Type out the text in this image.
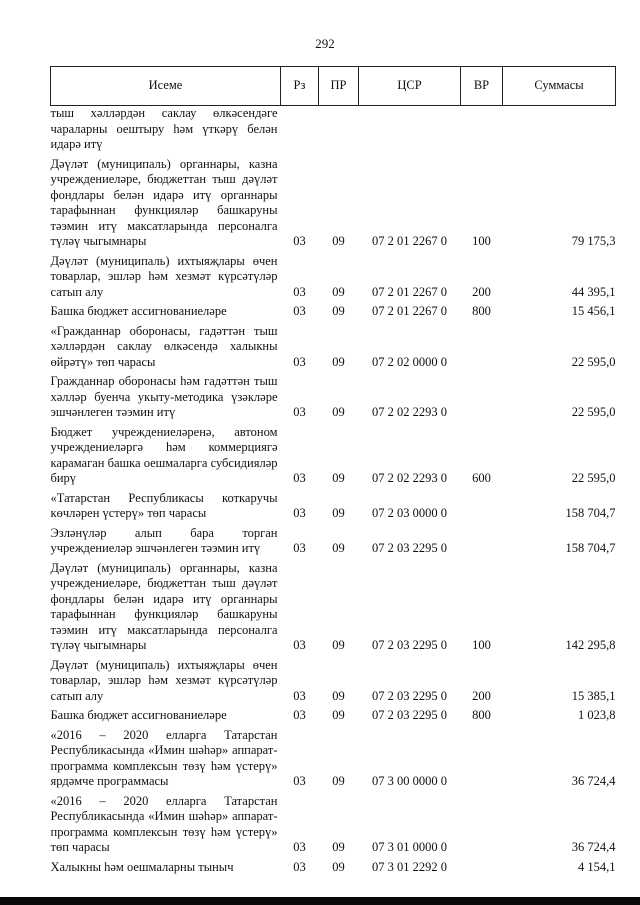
292
Исеме	Рз	ПР	ЦСР	ВР	Суммасы
тыш хәлләрдән саклау өлкәсендәге чараларны оештыру һәм үткәрү белән идарә итү					
Дәүләт (муниципаль) органнары, казна учреждениеләре, бюджеттан тыш дәүләт фондлары белән идарә итү органнары тарафыннан функцияләр башкаруны тәэмин итү максатларында персоналга түләү чыгымнары	03	09	07 2 01 2267 0	100	79 175,3
Дәүләт (муниципаль) ихтыяҗлары өчен товарлар, эшләр һәм хезмәт күрсәтүләр сатып алу	03	09	07 2 01 2267 0	200	44 395,1
Башка бюджет ассигнованиеләре	03	09	07 2 01 2267 0	800	15 456,1
«Гражданнар оборонасы, гадәттән тыш хәлләрдән саклау өлкәсендә халыкны өйрәтү» төп чарасы	03	09	07 2 02 0000 0		22 595,0
Гражданнар оборонасы һәм гадәттән тыш хәлләр буенча укыту-методика үзәкләре эшчәнлеген тәэмин итү	03	09	07 2 02 2293 0		22 595,0
Бюджет учреждениеләренә, автоном учреждениеләргә һәм коммерциягә карамаган башка оешмаларга субсидияләр бирү	03	09	07 2 02 2293 0	600	22 595,0
«Татарстан Республикасы коткаручы көчләрен үстерү» төп чарасы	03	09	07 2 03 0000 0		158 704,7
Эзләнүләр алып бара торган учреждениеләр эшчәнлеген тәэмин итү	03	09	07 2 03 2295 0		158 704,7
Дәүләт (муниципаль) органнары, казна учреждениеләре, бюджеттан тыш дәүләт фондлары белән идарә итү органнары тарафыннан функцияләр башкаруны тәэмин итү максатларында персоналга түләү чыгымнары	03	09	07 2 03 2295 0	100	142 295,8
Дәүләт (муниципаль) ихтыяҗлары өчен товарлар, эшләр һәм хезмәт күрсәтүләр сатып алу	03	09	07 2 03 2295 0	200	15 385,1
Башка бюджет ассигнованиеләре	03	09	07 2 03 2295 0	800	1 023,8
«2016 – 2020 елларга Татарстан Республикасында «Имин шәһәр» аппарат-программа комплексын төзү һәм үстерү» ярдәмче программасы	03	09	07 3 00 0000 0		36 724,4
«2016 – 2020 елларга Татарстан Республикасында «Имин шәһәр» аппарат-программа комплексын төзү һәм үстерү» төп чарасы	03	09	07 3 01 0000 0		36 724,4
Халыкны һәм оешмаларны тыныч	03	09	07 3 01 2292 0		4 154,1
